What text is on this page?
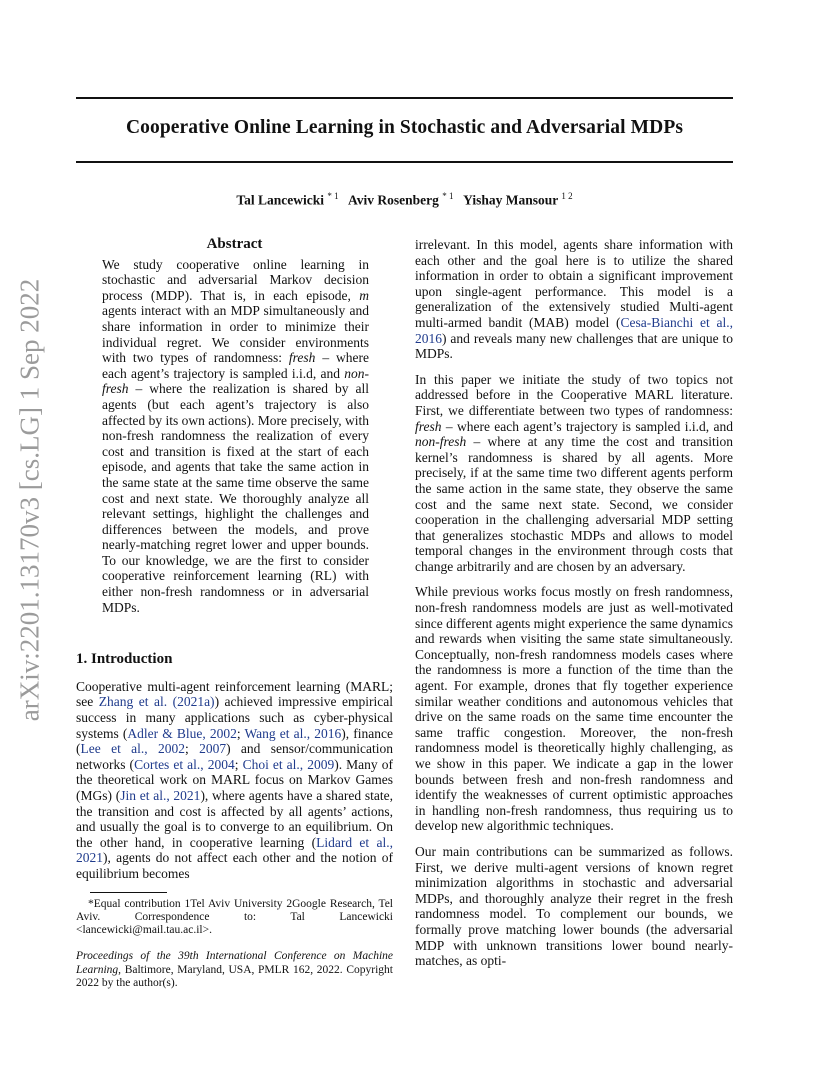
Cooperative Online Learning in Stochastic and Adversarial MDPs
Tal Lancewicki $^{* 1}$ Aviv Rosenberg $^{* 1}$ Yishay Mansour $^{1 2}$
arXiv:2201.13170v3 [cs.LG] 1 Sep 2022
Abstract
We study cooperative online learning in stochastic and adversarial Markov decision process (MDP). That is, in each episode, m agents interact with an MDP simultaneously and share information in order to minimize their individual regret. We consider environments with two types of randomness: fresh – where each agent’s trajectory is sampled i.i.d, and non-fresh – where the realization is shared by all agents (but each agent’s trajectory is also affected by its own actions). More precisely, with non-fresh randomness the realization of every cost and transition is fixed at the start of each episode, and agents that take the same action in the same state at the same time observe the same cost and next state. We thoroughly analyze all relevant settings, highlight the challenges and differences between the models, and prove nearly-matching regret lower and upper bounds. To our knowledge, we are the first to consider cooperative reinforcement learning (RL) with either non-fresh randomness or in adversarial MDPs.
1. Introduction

Cooperative multi-agent reinforcement learning (MARL; see Zhang et al. (2021a)) achieved impressive empirical success in many applications such as cyber-physical systems (Adler & Blue, 2002; Wang et al., 2016), finance (Lee et al., 2002; 2007) and sensor/communication networks (Cortes et al., 2004; Choi et al., 2009). Many of the theoretical work on MARL focus on Markov Games (MGs) (Jin et al., 2021), where agents have a shared state, the transition and cost is affected by all agents’ actions, and usually the goal is to converge to an equilibrium. On the other hand, in cooperative learning (Lidard et al., 2021), agents do not affect each other and the notion of equilibrium becomes

*Equal contribution 1Tel Aviv University 2Google Research, Tel Aviv. Correspondence to: Tal Lancewicki <lancewicki@mail.tau.ac.il>.

Proceedings of the 39th International Conference on Machine Learning, Baltimore, Maryland, USA, PMLR 162, 2022. Copyright 2022 by the author(s).

irrelevant. In this model, agents share information with each other and the goal here is to utilize the shared information in order to obtain a significant improvement upon single-agent performance. This model is a generalization of the extensively studied Multi-agent multi-armed bandit (MAB) model (Cesa-Bianchi et al., 2016) and reveals many new challenges that are unique to MDPs.

In this paper we initiate the study of two topics not addressed before in the Cooperative MARL literature. First, we differentiate between two types of randomness: fresh – where each agent’s trajectory is sampled i.i.d, and non-fresh – where at any time the cost and transition kernel’s randomness is shared by all agents. More precisely, if at the same time two different agents perform the same action in the same state, they observe the same cost and the same next state. Second, we consider cooperation in the challenging adversarial MDP setting that generalizes stochastic MDPs and allows to model temporal changes in the environment through costs that change arbitrarily and are chosen by an adversary.

While previous works focus mostly on fresh randomness, non-fresh randomness models are just as well-motivated since different agents might experience the same dynamics and rewards when visiting the same state simultaneously. Conceptually, non-fresh randomness models cases where the randomness is more a function of the time than the agent. For example, drones that fly together experience similar weather conditions and autonomous vehicles that drive on the same roads on the same time encounter the same traffic congestion. Moreover, the non-fresh randomness model is theoretically highly challenging, as we show in this paper. We indicate a gap in the lower bounds between fresh and non-fresh randomness and identify the weaknesses of current optimistic approaches in handling non-fresh randomness, thus requiring us to develop new algorithmic techniques.

Our main contributions can be summarized as follows. First, we derive multi-agent versions of known regret minimization algorithms in stochastic and adversarial MDPs, and thoroughly analyze their regret in the fresh randomness model. To complement our bounds, we formally prove matching lower bounds (the adversarial MDP with unknown transitions lower bound nearly-matches, as opti-
